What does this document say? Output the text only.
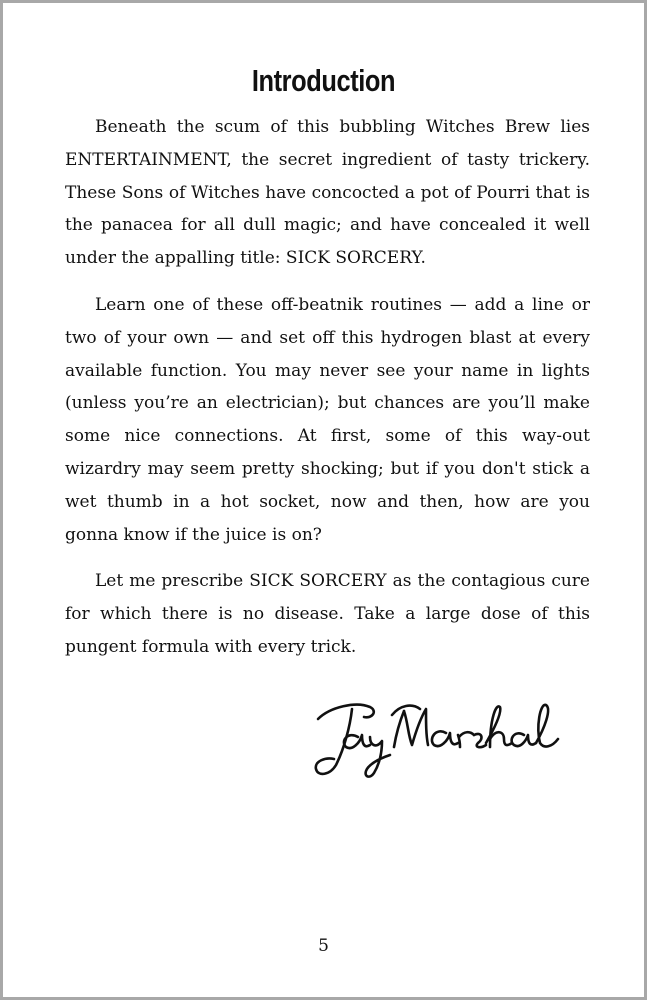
Introduction

Beneath the scum of this bubbling Witches Brew lies ENTERTAINMENT, the secret ingredient of tasty trickery. These Sons of Witches have concocted a pot of Pourri that is the panacea for all dull magic; and have concealed it well under the appalling title: SICK SORCERY.

Learn one of these off-beatnik routines — add a line or two of your own — and set off this hydrogen blast at every available function. You may never see your name in lights (unless you’re an electrician); but chances are you’ll make some nice connections. At first, some of this way-out wizardry may seem pretty shocking; but if you don't stick a wet thumb in a hot socket, now and then, how are you gonna know if the juice is on?

Let me prescribe SICK SORCERY as the contagious cure for which there is no disease. Take a large dose of this pungent formula with every trick.

5
